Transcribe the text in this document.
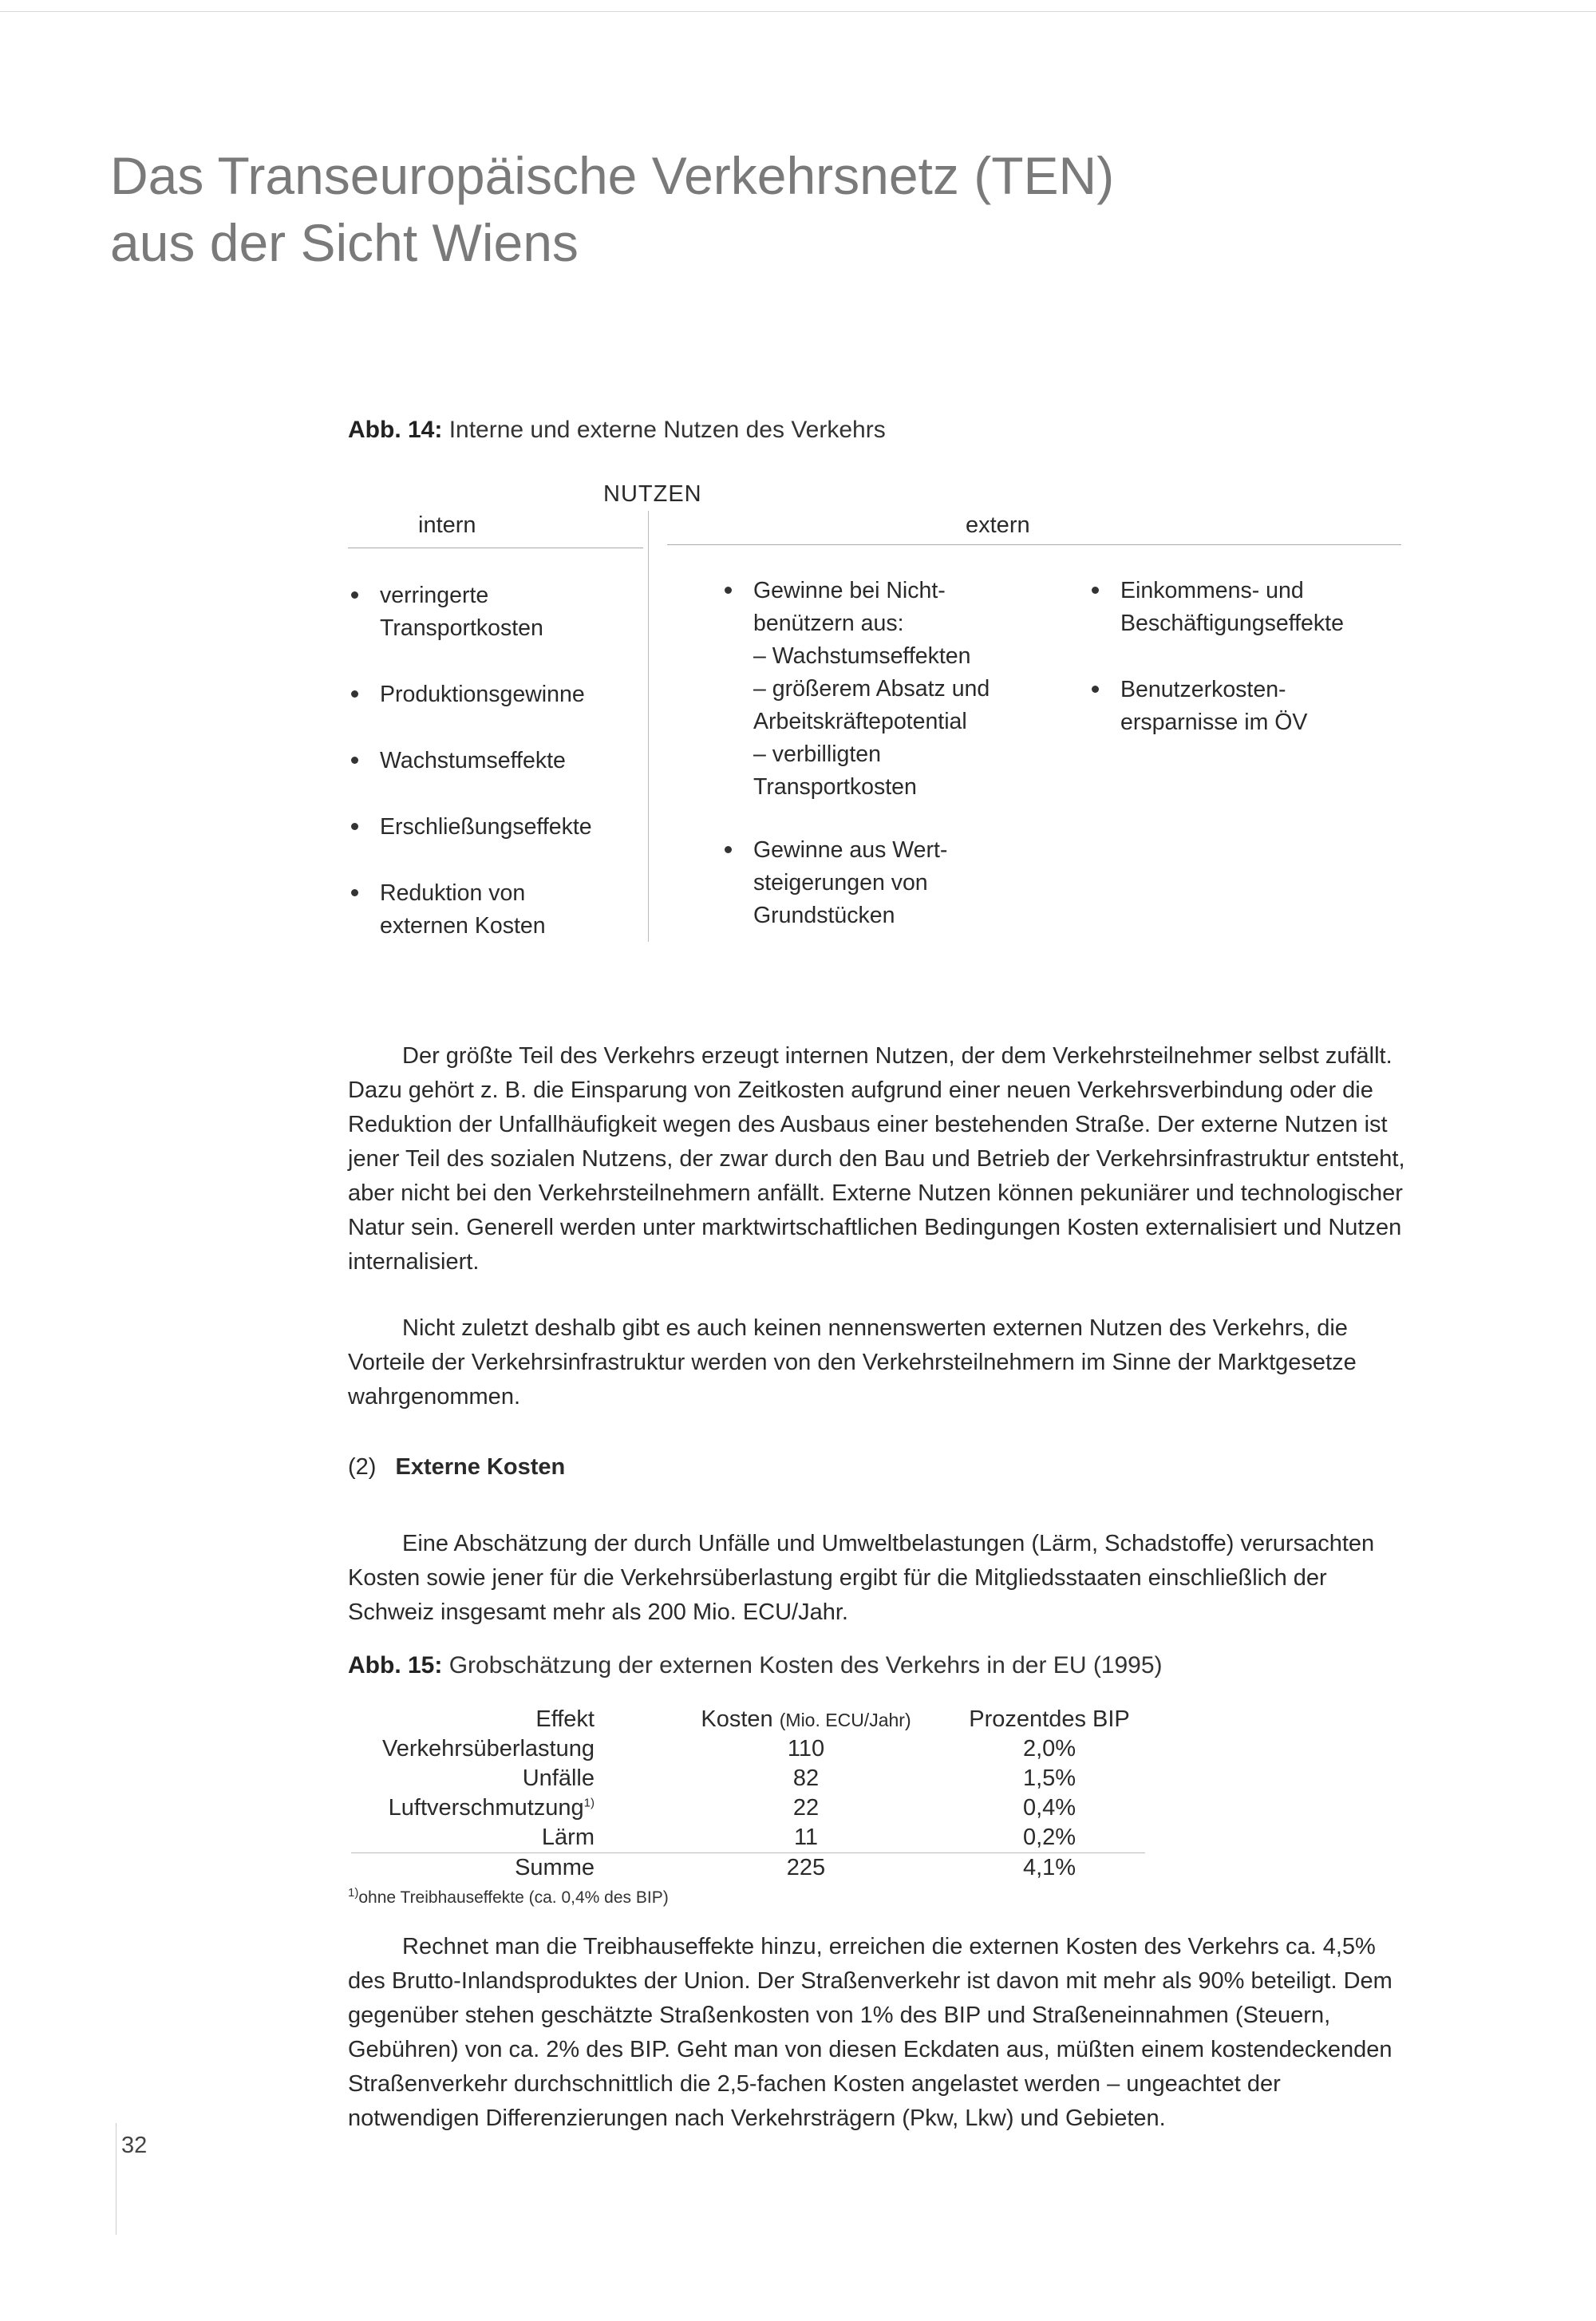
Das Transeuropäische Verkehrsnetz (TEN)
aus der Sicht Wiens
Abb. 14: Interne und externe Nutzen des Verkehrs
NUTZEN
intern	extern
verringerte Transportkosten
Produktionsgewinne
Wachstumseffekte
Erschließungseffekte
Reduktion von externen Kosten
Gewinne bei Nicht-benützern aus:
– Wachstumseffekten
– größerem Absatz und Arbeitskräftepotential
– verbilligten Transportkosten
Gewinne aus Wert-steigerungen von Grundstücken
Einkommens- und Beschäftigungseffekte
Benutzerkosten-ersparnisse im ÖV

Der größte Teil des Verkehrs erzeugt internen Nutzen, der dem Verkehrsteilnehmer selbst zufällt. Dazu gehört z. B. die Einsparung von Zeitkosten aufgrund einer neuen Verkehrsverbindung oder die Reduktion der Unfallhäufigkeit wegen des Ausbaus einer bestehenden Straße. Der externe Nutzen ist jener Teil des sozialen Nutzens, der zwar durch den Bau und Betrieb der Verkehrsinfrastruktur entsteht, aber nicht bei den Verkehrsteilnehmern anfällt. Externe Nutzen können pekuniärer und technologischer Natur sein. Generell werden unter marktwirtschaftlichen Bedingungen Kosten externalisiert und Nutzen internalisiert.

Nicht zuletzt deshalb gibt es auch keinen nennenswerten externen Nutzen des Verkehrs, die Vorteile der Verkehrsinfrastruktur werden von den Verkehrsteilnehmern im Sinne der Marktgesetze wahrgenommen.

(2) Externe Kosten

Eine Abschätzung der durch Unfälle und Umweltbelastungen (Lärm, Schadstoffe) verursachten Kosten sowie jener für die Verkehrsüberlastung ergibt für die Mitgliedsstaaten einschließlich der Schweiz insgesamt mehr als 200 Mio. ECU/Jahr.

Abb. 15: Grobschätzung der externen Kosten des Verkehrs in der EU (1995)
Effekt	Kosten (Mio. ECU/Jahr)	Prozentdes BIP
Verkehrsüberlastung	110	2,0%
Unfälle	82	1,5%
Luftverschmutzung$^{1)}$	22	0,4%
Lärm	11	0,2%
Summe	225	4,1%
$^{1)}$ohne Treibhauseffekte (ca. 0,4% des BIP)

Rechnet man die Treibhauseffekte hinzu, erreichen die externen Kosten des Verkehrs ca. 4,5% des Brutto-Inlandsproduktes der Union. Der Straßenverkehr ist davon mit mehr als 90% beteiligt. Dem gegenüber stehen geschätzte Straßenkosten von 1% des BIP und Straßeneinnahmen (Steuern, Gebühren) von ca. 2% des BIP. Geht man von diesen Eckdaten aus, müßten einem kostendeckenden Straßenverkehr durchschnittlich die 2,5-fachen Kosten angelastet werden – ungeachtet der notwendigen Differenzierungen nach Verkehrsträgern (Pkw, Lkw) und Gebieten.

32
